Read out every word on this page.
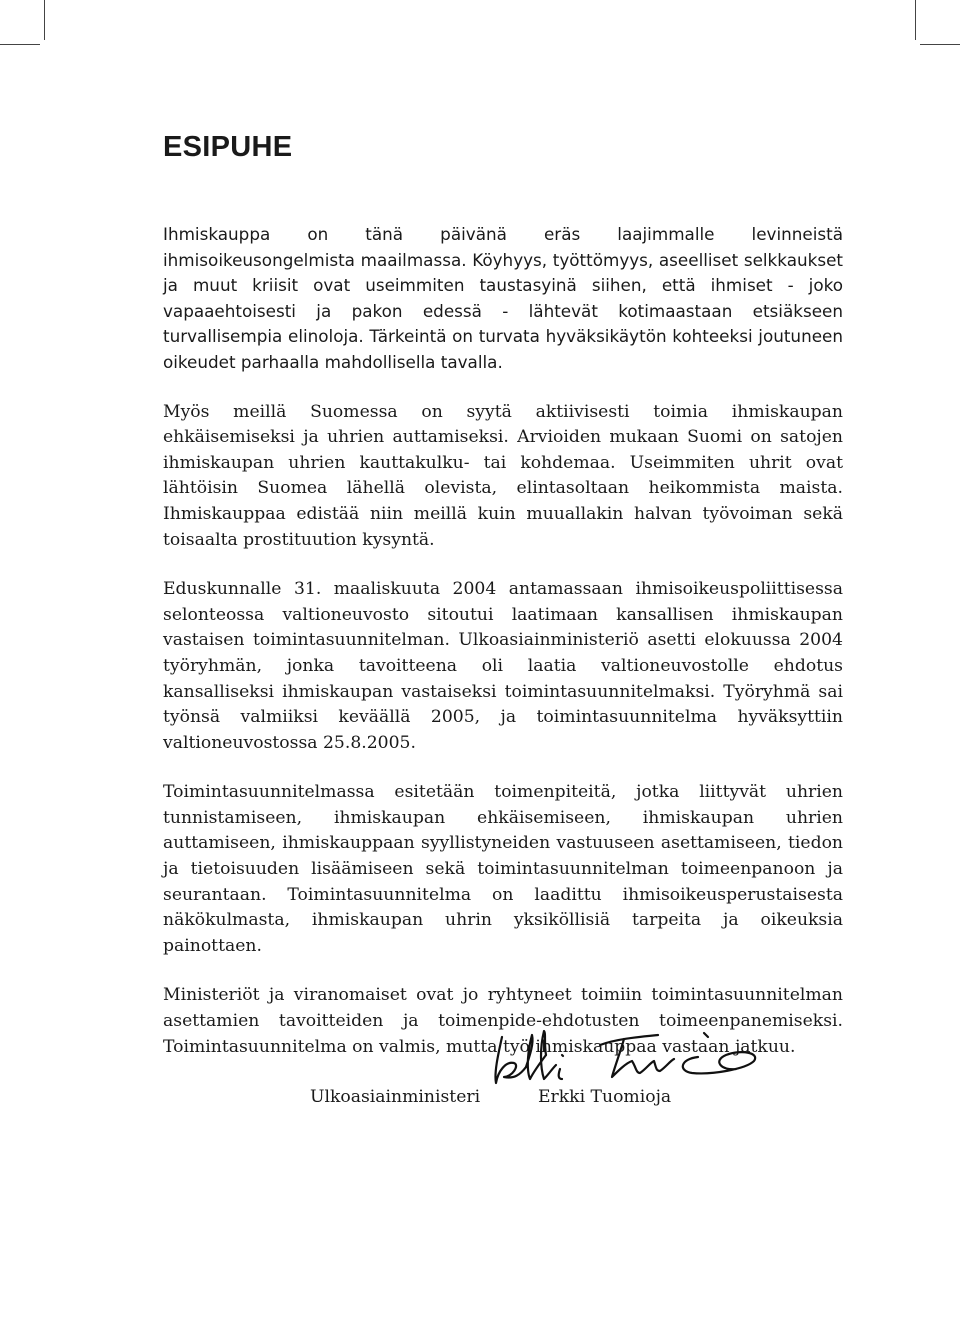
ESIPUHE

Ihmiskauppa on tänä päivänä eräs laajimmalle levinneistä ihmisoikeusongelmista maailmassa. Köyhyys, työttömyys, aseelliset selkkaukset ja muut kriisit ovat useimmiten taustasyinä siihen, että ihmiset - joko vapaaehtoisesti ja pakon edessä - lähtevät kotimaastaan etsiäkseen turvallisempia elinoloja. Tärkeintä on turvata hyväksikäytön kohteeksi joutuneen oikeudet parhaalla mahdollisella tavalla.

Myös meillä Suomessa on syytä aktiivisesti toimia ihmiskaupan ehkäisemiseksi ja uhrien auttamiseksi. Arvioiden mukaan Suomi on satojen ihmiskaupan uhrien kauttakulku- tai kohdemaa. Useimmiten uhrit ovat lähtöisin Suomea lähellä olevista, elintasoltaan heikommista maista. Ihmiskauppaa edistää niin meillä kuin muuallakin halvan työvoiman sekä toisaalta prostituution kysyntä.

Eduskunnalle 31. maaliskuuta 2004 antamassaan ihmisoikeuspoliittisessa selonteossa valtioneuvosto sitoutui laatimaan kansallisen ihmiskaupan vastaisen toimintasuunnitelman. Ulkoasiainministeriö asetti elokuussa 2004 työryhmän, jonka tavoitteena oli laatia valtioneuvostolle ehdotus kansalliseksi ihmiskaupan vastaiseksi toimintasuunnitelmaksi. Työryhmä sai työnsä valmiiksi keväällä 2005, ja toimintasuunnitelma hyväksyttiin valtioneuvostossa 25.8.2005.

Toimintasuunnitelmassa esitetään toimenpiteitä, jotka liittyvät uhrien tunnistamiseen, ihmiskaupan ehkäisemiseen, ihmiskaupan uhrien auttamiseen, ihmiskauppaan syyllistyneiden vastuuseen asettamiseen, tiedon ja tietoisuuden lisäämiseen sekä toimintasuunnitelman toimeenpanoon ja seurantaan. Toimintasuunnitelma on laadittu ihmisoikeusperustaisesta näkökulmasta, ihmiskaupan uhrin yksiköllisiä tarpeita ja oikeuksia painottaen.

Ministeriöt ja viranomaiset ovat jo ryhtyneet toimiin toimintasuunnitelman asettamien tavoitteiden ja toimenpide-ehdotusten toimeenpanemiseksi. Toimintasuunnitelma on valmis, mutta työ ihmiskauppaa vastaan jatkuu.

Ulkoasiainministeri	Erkki Tuomioja
